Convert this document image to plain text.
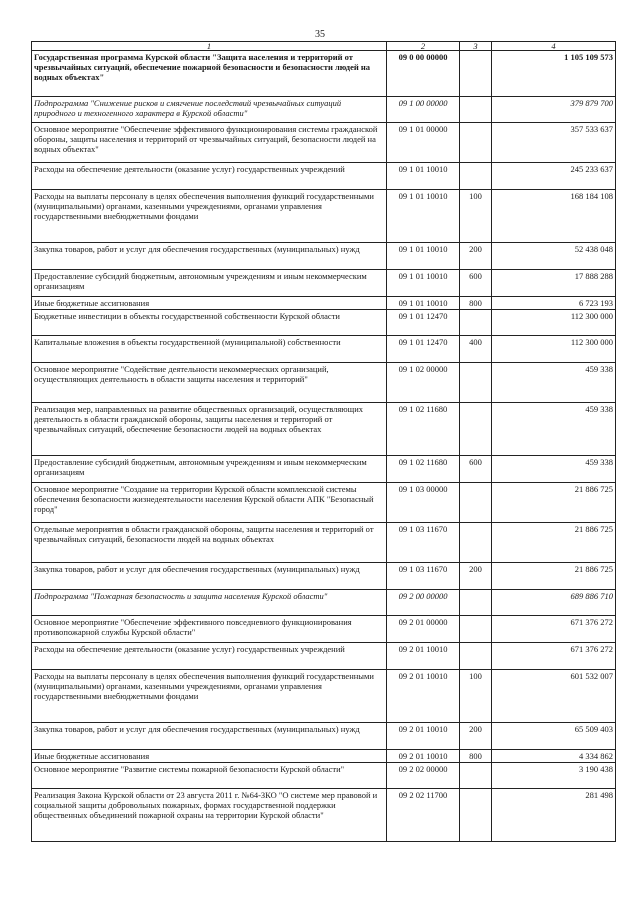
35
1	2	3	4
Государственная программа Курской области "Защита населения и территорий от чрезвычайных ситуаций, обеспечение пожарной безопасности и безопасности людей на водных объектах"	09 0 00 00000		1 105 109 573
Подпрограмма "Снижение рисков и смягчение последствий чрезвычайных ситуаций природного и техногенного характера в Курской области"	09 1 00 00000		379 879 700
Основное мероприятие "Обеспечение эффективного функционирования системы гражданской обороны, защиты населения и территорий от чрезвычайных ситуаций, безопасности людей на водных объектах"	09 1 01 00000		357 533 637
Расходы на обеспечение деятельности (оказание услуг) государственных учреждений	09 1 01 10010		245 233 637
Расходы на выплаты персоналу в целях обеспечения выполнения функций государственными (муниципальными) органами, казенными учреждениями, органами управления государственными внебюджетными фондами	09 1 01 10010	100	168 184 108
Закупка товаров, работ и услуг для обеспечения государственных (муниципальных) нужд	09 1 01 10010	200	52 438 048
Предоставление субсидий бюджетным, автономным учреждениям и иным некоммерческим организациям	09 1 01 10010	600	17 888 288
Иные бюджетные ассигнования	09 1 01 10010	800	6 723 193
Бюджетные инвестиции в объекты государственной собственности Курской области	09 1 01 12470		112 300 000
Капитальные вложения в объекты государственной (муниципальной) собственности	09 1 01 12470	400	112 300 000
Основное мероприятие "Содействие деятельности некоммерческих организаций, осуществляющих деятельность в области защиты населения и территорий"	09 1 02 00000		459 338
Реализация мер, направленных на развитие общественных организаций, осуществляющих деятельность в области гражданской обороны, защиты населения и территорий от чрезвычайных ситуаций, обеспечение безопасности людей на водных объектах	09 1 02 11680		459 338
Предоставление субсидий бюджетным, автономным учреждениям и иным некоммерческим организациям	09 1 02 11680	600	459 338
Основное мероприятие "Создание на территории Курской области комплексной системы обеспечения безопасности жизнедеятельности населения Курской области АПК "Безопасный город"	09 1 03 00000		21 886 725
Отдельные мероприятия в области гражданской обороны, защиты населения и территорий от чрезвычайных ситуаций, безопасности людей на водных объектах	09 1 03 11670		21 886 725
Закупка товаров, работ и услуг для обеспечения государственных (муниципальных) нужд	09 1 03 11670	200	21 886 725
Подпрограмма "Пожарная безопасность и защита населения Курской области"	09 2 00 00000		689 886 710
Основное мероприятие "Обеспечение эффективного повседневного функционирования противопожарной службы Курской области"	09 2 01 00000		671 376 272
Расходы на обеспечение деятельности (оказание услуг) государственных учреждений	09 2 01 10010		671 376 272
Расходы на выплаты персоналу в целях обеспечения выполнения функций государственными (муниципальными) органами, казенными учреждениями, органами управления государственными внебюджетными фондами	09 2 01 10010	100	601 532 007
Закупка товаров, работ и услуг для обеспечения государственных (муниципальных) нужд	09 2 01 10010	200	65 509 403
Иные бюджетные ассигнования	09 2 01 10010	800	4 334 862
Основное мероприятие "Развитие системы пожарной безопасности Курской области"	09 2 02 00000		3 190 438
Реализация Закона Курской области от 23 августа 2011 г. №64-ЗКО "О системе мер правовой и социальной защиты добровольных пожарных, формах государственной поддержки общественных объединений пожарной охраны на территории Курской области"	09 2 02 11700		281 498
